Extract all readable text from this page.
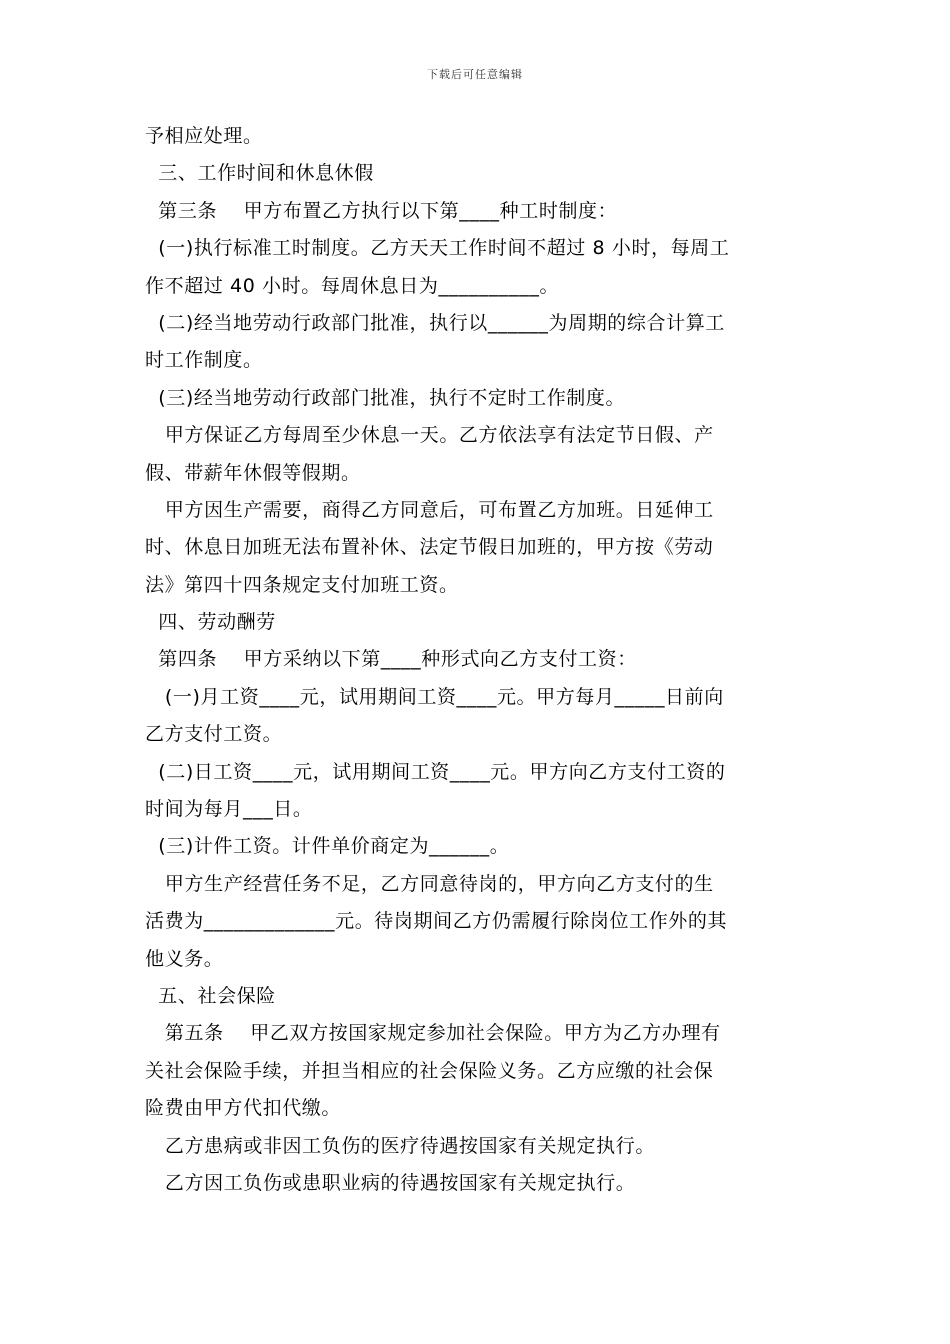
下载后可任意编辑
予相应处理。
三、工作时间和休息休假
第三条    甲方布置乙方执行以下第____种工时制度：
(一)执行标准工时制度。乙方天天工作时间不超过 8 小时，每周工
作不超过 40 小时。每周休息日为__________。
(二)经当地劳动行政部门批准，执行以______为周期的综合计算工
时工作制度。
(三)经当地劳动行政部门批准，执行不定时工作制度。
甲方保证乙方每周至少休息一天。乙方依法享有法定节日假、产
假、带薪年休假等假期。
甲方因生产需要，商得乙方同意后，可布置乙方加班。日延伸工
时、休息日加班无法布置补休、法定节假日加班的，甲方按《劳动
法》第四十四条规定支付加班工资。
四、劳动酬劳
第四条    甲方采纳以下第____种形式向乙方支付工资：
(一)月工资____元，试用期间工资____元。甲方每月_____日前向
乙方支付工资。
(二)日工资____元，试用期间工资____元。甲方向乙方支付工资的
时间为每月___日。
(三)计件工资。计件单价商定为______。
甲方生产经营任务不足，乙方同意待岗的，甲方向乙方支付的生
活费为_____________元。待岗期间乙方仍需履行除岗位工作外的其
他义务。
五、社会保险
第五条    甲乙双方按国家规定参加社会保险。甲方为乙方办理有
关社会保险手续，并担当相应的社会保险义务。乙方应缴的社会保
险费由甲方代扣代缴。
乙方患病或非因工负伤的医疗待遇按国家有关规定执行。
乙方因工负伤或患职业病的待遇按国家有关规定执行。
